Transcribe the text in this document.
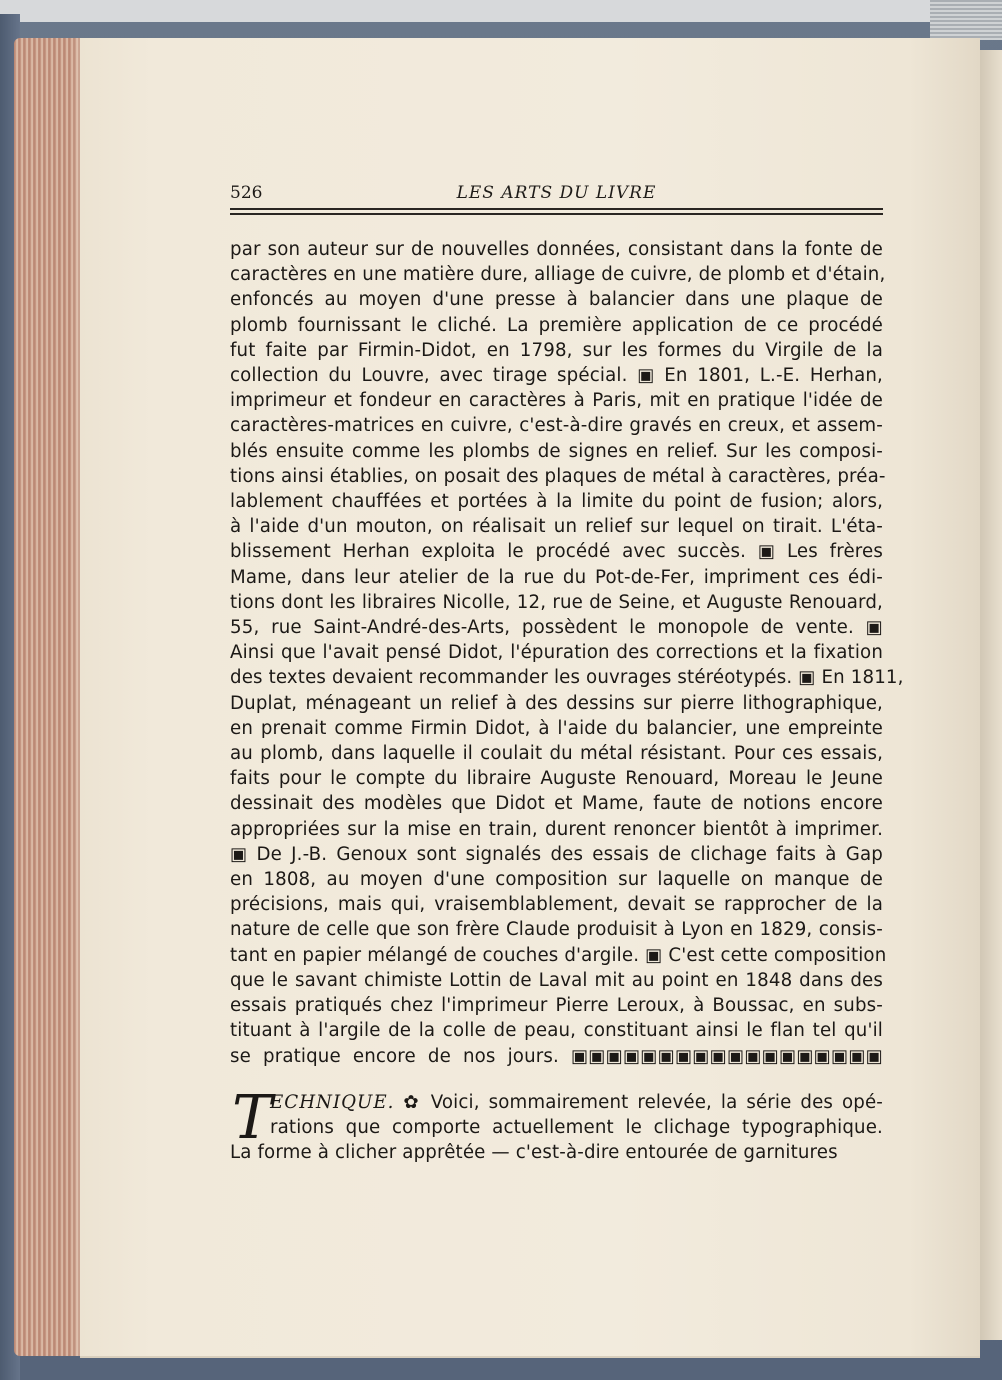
526	LES ARTS DU LIVRE
par son auteur sur de nouvelles données, consistant dans la fonte de
caractères en une matière dure, alliage de cuivre, de plomb et d'étain,
enfoncés au moyen d'une presse à balancier dans une plaque de
plomb fournissant le cliché. La première application de ce procédé
fut faite par Firmin-Didot, en 1798, sur les formes du Virgile de la
collection du Louvre, avec tirage spécial. ▣ En 1801, L.-E. Herhan,
imprimeur et fondeur en caractères à Paris, mit en pratique l'idée de
caractères-matrices en cuivre, c'est-à-dire gravés en creux, et assem-
blés ensuite comme les plombs de signes en relief. Sur les composi-
tions ainsi établies, on posait des plaques de métal à caractères, préa-
lablement chauffées et portées à la limite du point de fusion; alors,
à l'aide d'un mouton, on réalisait un relief sur lequel on tirait. L'éta-
blissement Herhan exploita le procédé avec succès. ▣ Les frères
Mame, dans leur atelier de la rue du Pot-de-Fer, impriment ces édi-
tions dont les libraires Nicolle, 12, rue de Seine, et Auguste Renouard,
55, rue Saint-André-des-Arts, possèdent le monopole de vente. ▣
Ainsi que l'avait pensé Didot, l'épuration des corrections et la fixation
des textes devaient recommander les ouvrages stéréotypés. ▣ En 1811,
Duplat, ménageant un relief à des dessins sur pierre lithographique,
en prenait comme Firmin Didot, à l'aide du balancier, une empreinte
au plomb, dans laquelle il coulait du métal résistant. Pour ces essais,
faits pour le compte du libraire Auguste Renouard, Moreau le Jeune
dessinait des modèles que Didot et Mame, faute de notions encore
appropriées sur la mise en train, durent renoncer bientôt à imprimer.
▣ De J.-B. Genoux sont signalés des essais de clichage faits à Gap
en 1808, au moyen d'une composition sur laquelle on manque de
précisions, mais qui, vraisemblablement, devait se rapprocher de la
nature de celle que son frère Claude produisit à Lyon en 1829, consis-
tant en papier mélangé de couches d'argile. ▣ C'est cette composition
que le savant chimiste Lottin de Laval mit au point en 1848 dans des
essais pratiqués chez l'imprimeur Pierre Leroux, à Boussac, en subs-
tituant à l'argile de la colle de peau, constituant ainsi le flan tel qu'il
se pratique encore de nos jours. ▣▣▣▣▣▣▣▣▣▣▣▣▣▣▣▣▣▣
T
ECHNIQUE. ✿ Voici, sommairement relevée, la série des opé-
rations que comporte actuellement le clichage typographique.
La forme à clicher apprêtée — c'est-à-dire entourée de garnitures
